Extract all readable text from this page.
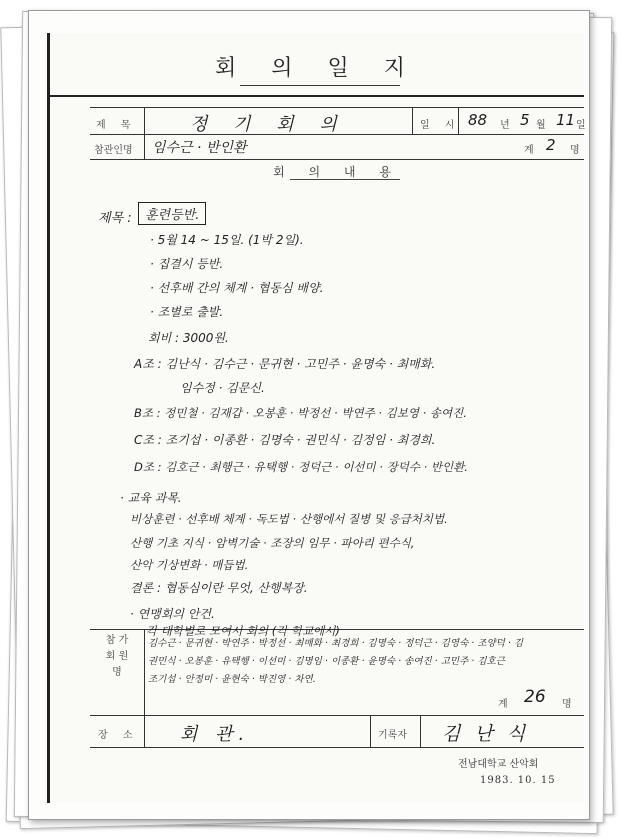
회 의 일 지
제 목	정 기 회 의	일 시 88 년 5 월 11 일
참관인명 임수근 · 반인환	계 2 명
회 의 내 용
제목 :	훈련등반.
· 5월 14 ~ 15일. (1박 2일).
· 집결시 등반.
· 선후배 간의 체계 · 협동심 배양.
· 조별로 출발.
회비 : 3000원.
A조 : 김난식 · 김수근 · 문귀현 · 고민주 · 윤명숙 · 최매화.
임수정 · 김문신.
B조 : 정민철 · 김재갑 · 오봉훈 · 박정선 · 박연주 · 김보영 · 송여진.
C조 : 조기섭 · 이종환 · 김명숙 · 권민식 · 김정임 · 최경희.
D조 : 김호근 · 최행근 · 유택행 · 정덕근 · 이선미 · 장덕수 · 반인환.
· 교육 과목.
비상훈련 · 선후배 체계 · 독도법 · 산행에서 질병 및 응급처치법.
산행 기초 지식 · 암벽기술 · 조장의 임무 · 파아리 편수식,
산악 기상변화 · 매듭법.
결론 : 협동심이란 무엇, 산행복장.
· 연맹회의 안건.
각 대학별로 모여서 회의 (각 학교에서)
참 가
회 원
명
김수근 · 문귀현 · 박연주 · 박정선 · 최매화 · 최경희 · 김명숙 · 정덕근 · 김영숙 · 조양덕 · 김
권민식 · 오봉훈 · 유택행 · 이선미 · 김명임 · 이종환 · 윤명숙 · 송여진 · 고민주 · 김호근
조기섭 · 안정미 · 윤현숙 · 박진영 · 차연.
계 26 명
장 소 회 관.	기록자 김 난 식
전남대학교 산악회
1983. 10. 15
